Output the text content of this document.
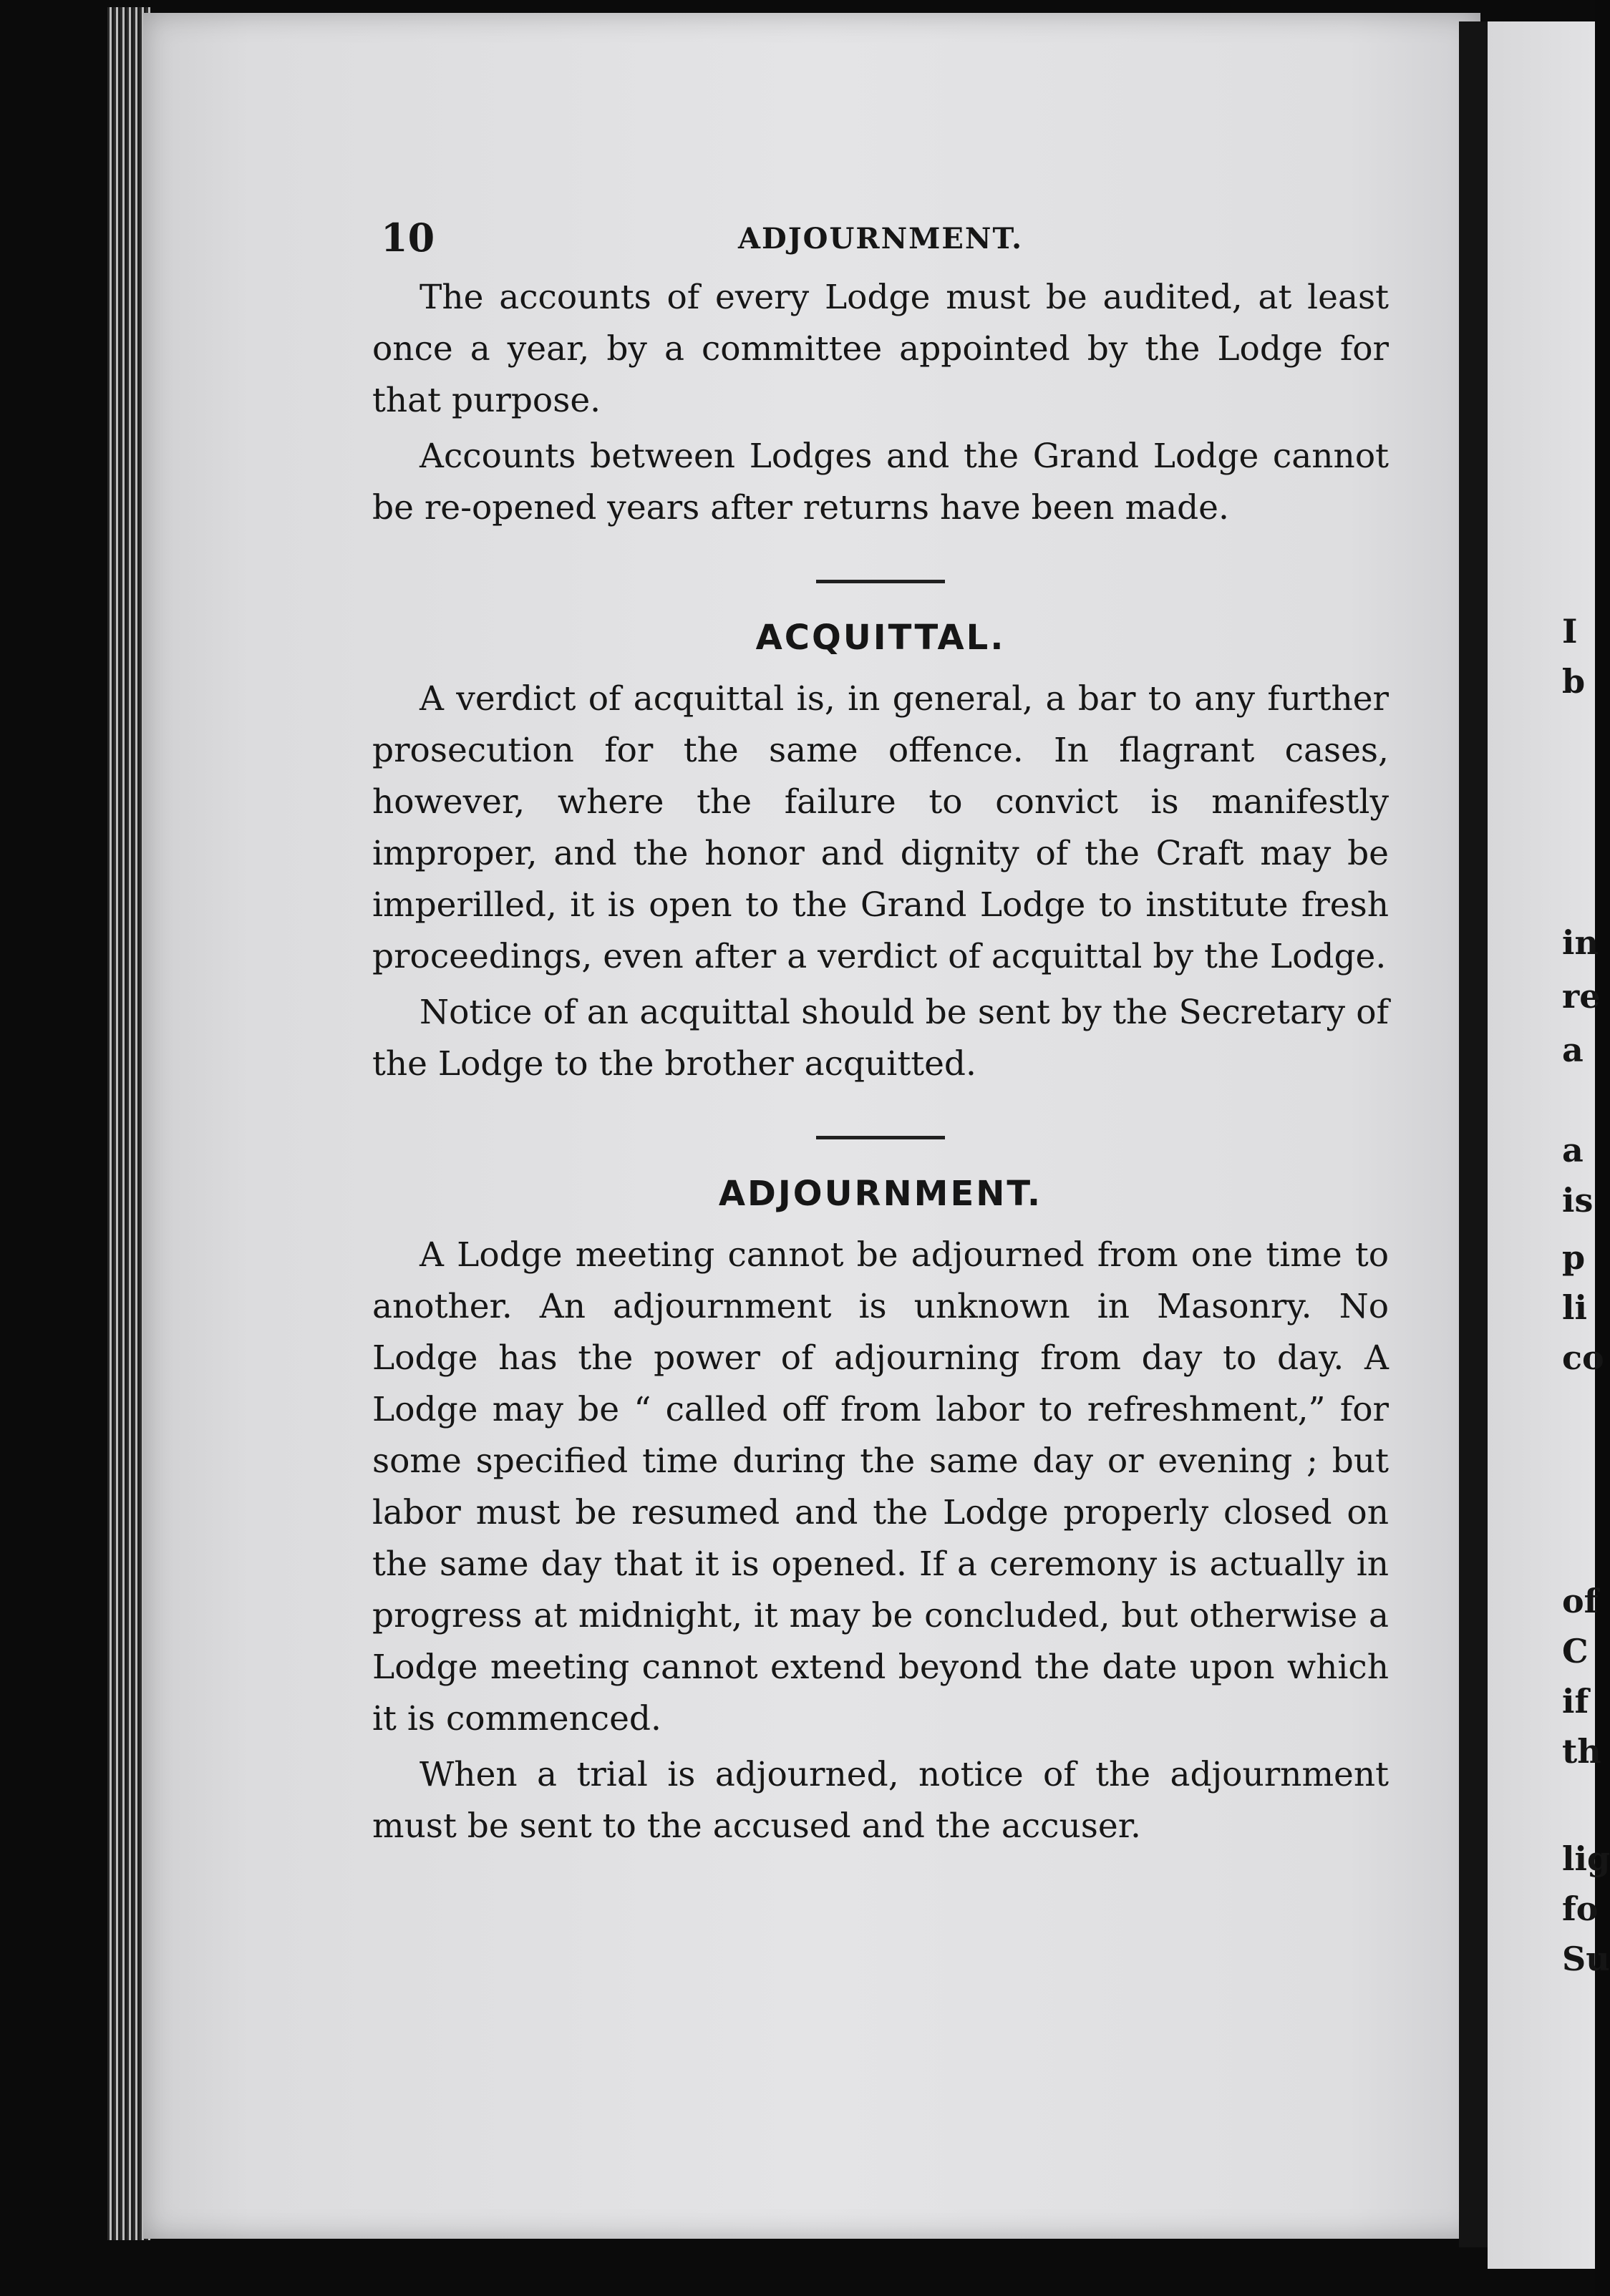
I
b
in
re
a
a
is
p
li
co
of
C
if
th
lig
fo
Su
10	ADJOURNMENT.

The accounts of every Lodge must be audited, at least once a year, by a committee appointed by the Lodge for that purpose.

Accounts between Lodges and the Grand Lodge cannot be re-opened years after returns have been made.

ACQUITTAL.

A verdict of acquittal is, in general, a bar to any further prosecution for the same offence. In flagrant cases, however, where the failure to convict is manifestly improper, and the honor and dignity of the Craft may be imperilled, it is open to the Grand Lodge to institute fresh proceedings, even after a verdict of acquittal by the Lodge.

Notice of an acquittal should be sent by the Secretary of the Lodge to the brother acquitted.

ADJOURNMENT.

A Lodge meeting cannot be adjourned from one time to another. An adjournment is unknown in Masonry. No Lodge has the power of adjourning from day to day. A Lodge may be “ called off from labor to refreshment,” for some specified time during the same day or evening ; but labor must be resumed and the Lodge properly closed on the same day that it is opened. If a ceremony is actually in progress at midnight, it may be concluded, but otherwise a Lodge meeting cannot extend beyond the date upon which it is commenced.

When a trial is adjourned, notice of the adjournment must be sent to the accused and the accuser.
